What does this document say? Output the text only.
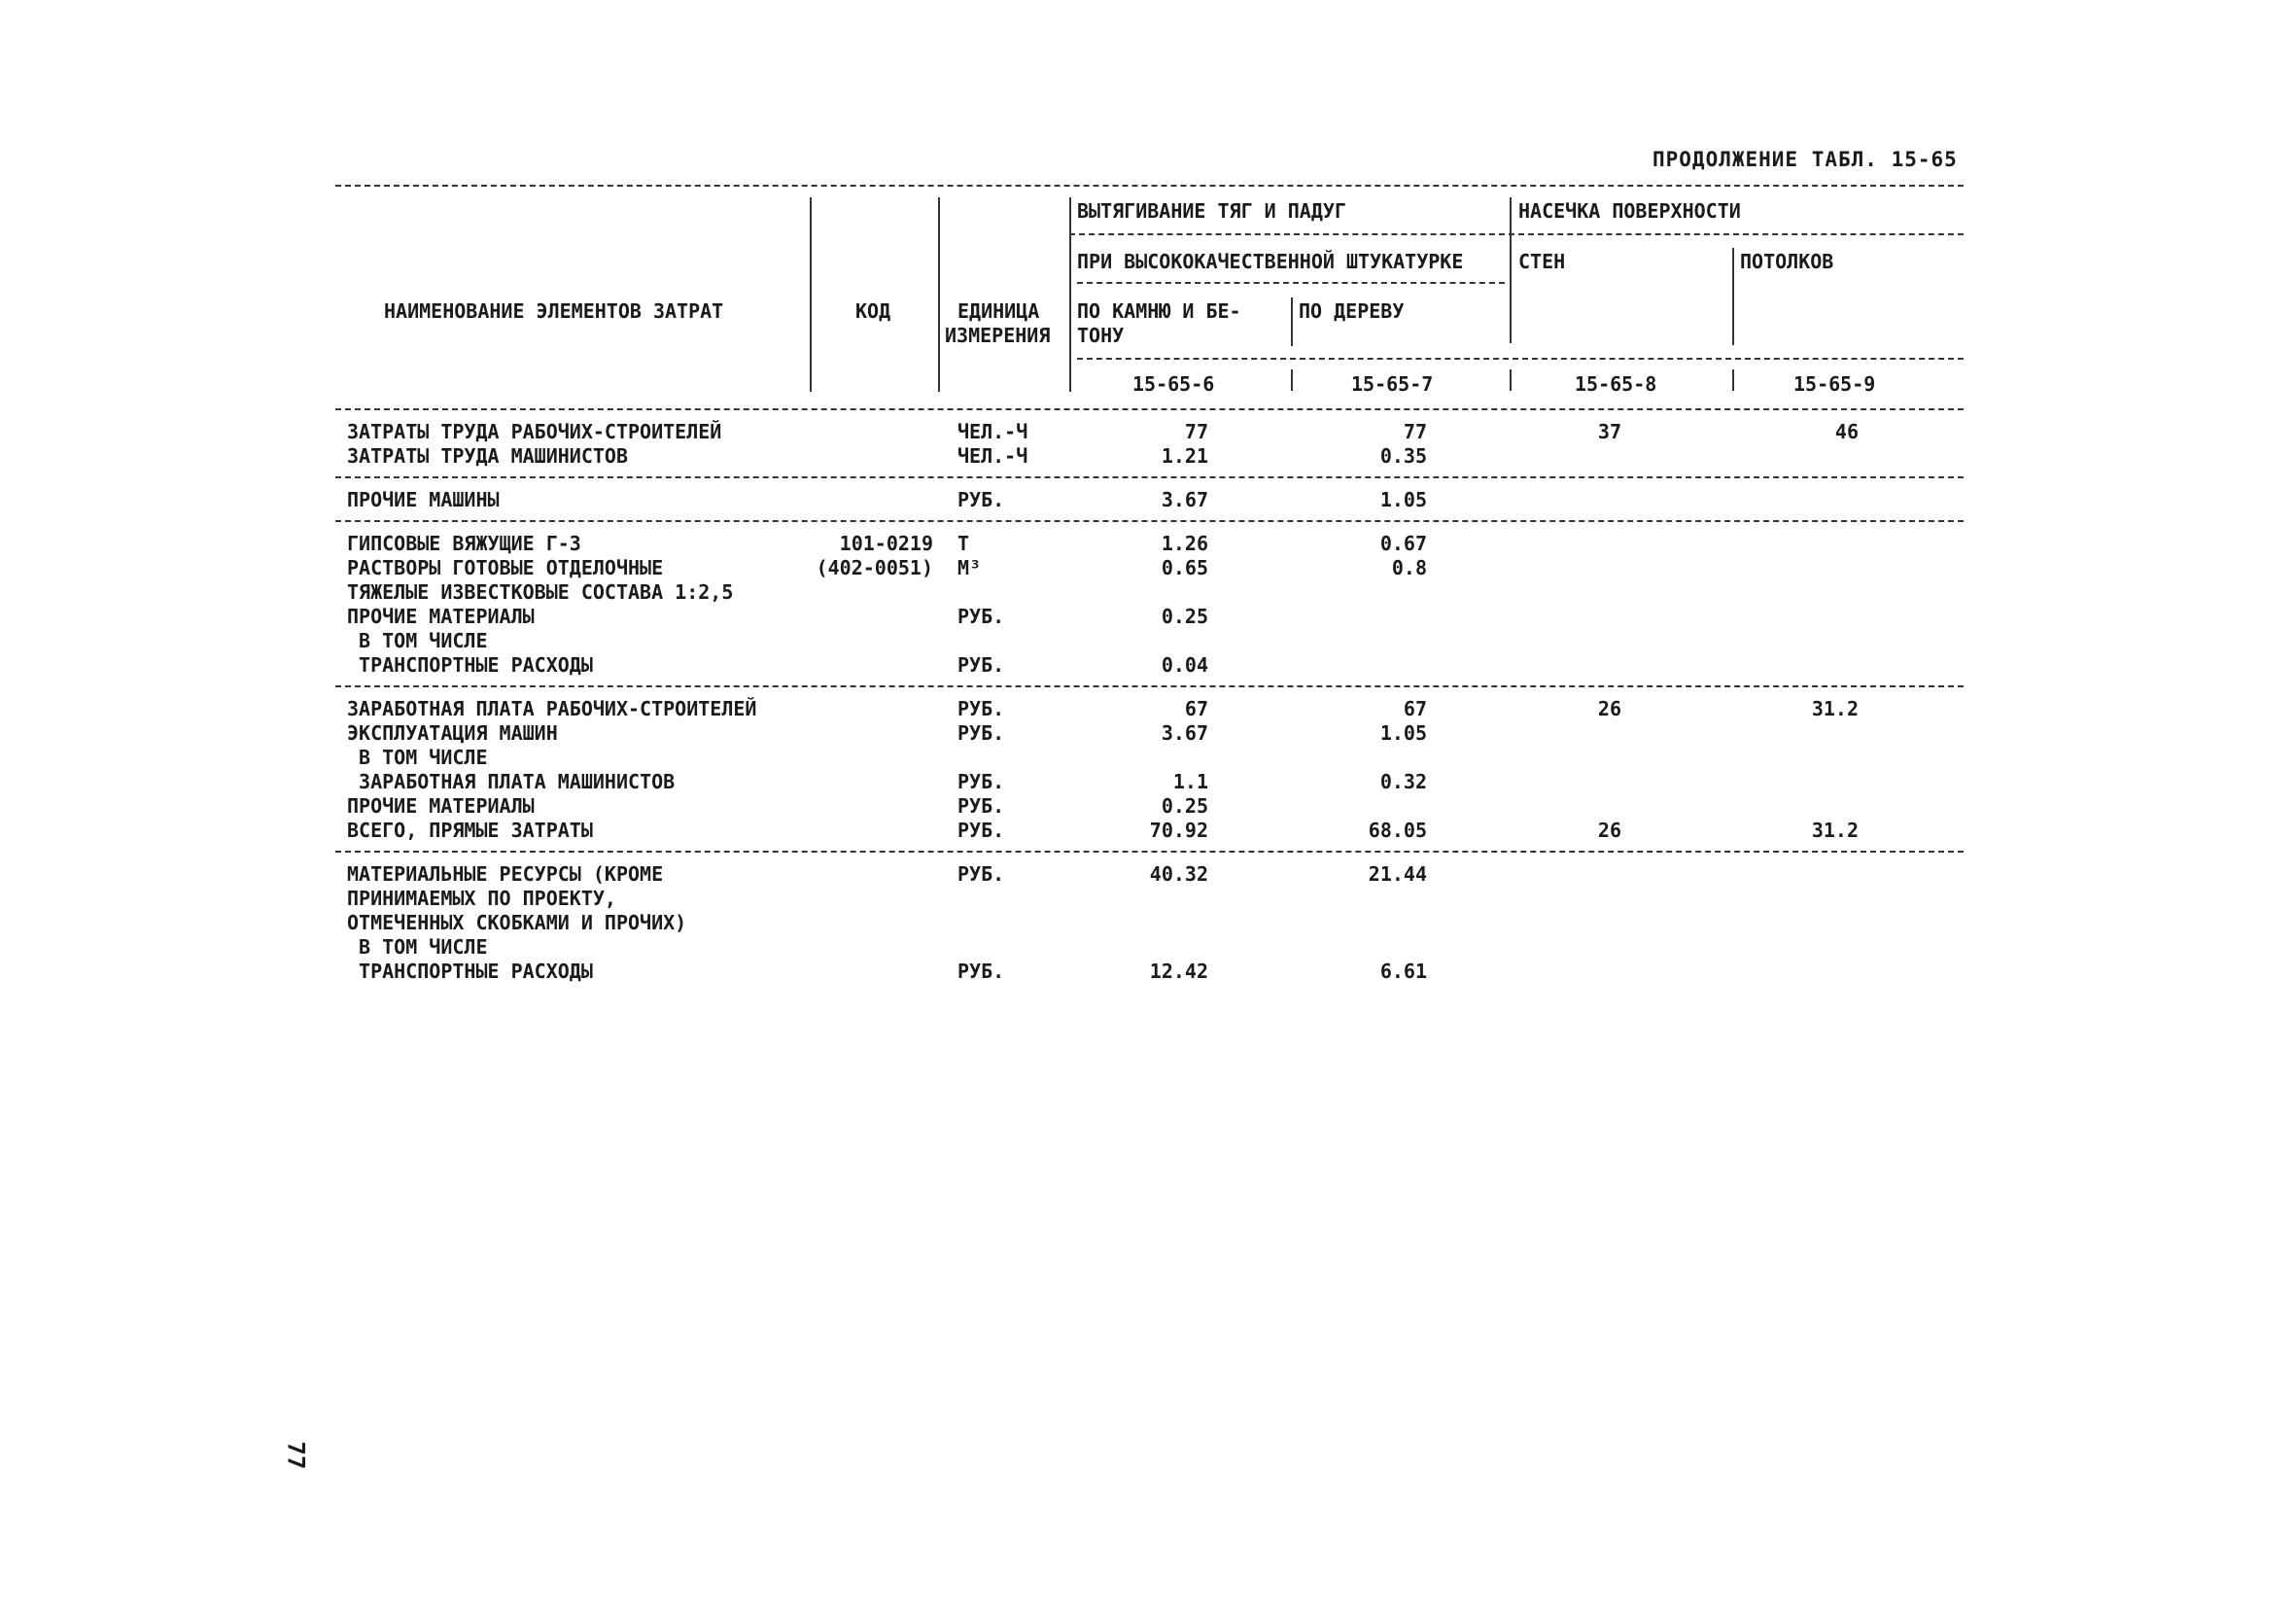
ПРОДОЛЖЕНИЕ ТАБЛ. 15-65
НАИМЕНОВАНИЕ ЭЛЕМЕНТОВ ЗАТРАТ	КОД	ЕДИНИЦА
ИЗМЕРЕНИЯ
ВЫТЯГИВАНИЕ ТЯГ И ПАДУГ	НАСЕЧКА ПОВЕРХНОСТИ
ПРИ ВЫСОКОКАЧЕСТВЕННОЙ ШТУКАТУРКЕ	СТЕН	ПОТОЛКОВ
ПО КАМНЮ И БЕ-
ТОНУ
ПО ДЕРЕВУ
15-65-6	15-65-7	15-65-8	15-65-9
ЗАТРАТЫ ТРУДА РАБОЧИХ-СТРОИТЕЛЕЙ	ЧЕЛ.-Ч	77	77	37	46
ЗАТРАТЫ ТРУДА МАШИНИСТОВ	ЧЕЛ.-Ч	1.21	0.35
ПРОЧИЕ МАШИНЫ	РУБ.	3.67	1.05
ГИПСОВЫЕ ВЯЖУЩИЕ Г-3	101-0219 Т	1.26	0.67
РАСТВОРЫ ГОТОВЫЕ ОТДЕЛОЧНЫЕ	(402-0051) М³	0.65	0.8
ТЯЖЕЛЫЕ ИЗВЕСТКОВЫЕ СОСТАВА 1:2,5
ПРОЧИЕ МАТЕРИАЛЫ	РУБ.	0.25
В ТОМ ЧИСЛЕ
ТРАНСПОРТНЫЕ РАСХОДЫ	РУБ.	0.04
ЗАРАБОТНАЯ ПЛАТА РАБОЧИХ-СТРОИТЕЛЕЙ	РУБ.	67	67	26	31.2
ЭКСПЛУАТАЦИЯ МАШИН	РУБ.	3.67	1.05
В ТОМ ЧИСЛЕ
ЗАРАБОТНАЯ ПЛАТА МАШИНИСТОВ	РУБ.	1.1	0.32
ПРОЧИЕ МАТЕРИАЛЫ	РУБ.	0.25
ВСЕГО, ПРЯМЫЕ ЗАТРАТЫ	РУБ.	70.92	68.05	26	31.2
МАТЕРИАЛЬНЫЕ РЕСУРСЫ (КРОМЕ	РУБ.	40.32	21.44
ПРИНИМАЕМЫХ ПО ПРОЕКТУ,
ОТМЕЧЕННЫХ СКОБКАМИ И ПРОЧИХ)
В ТОМ ЧИСЛЕ
ТРАНСПОРТНЫЕ РАСХОДЫ	РУБ.	12.42	6.61
77
